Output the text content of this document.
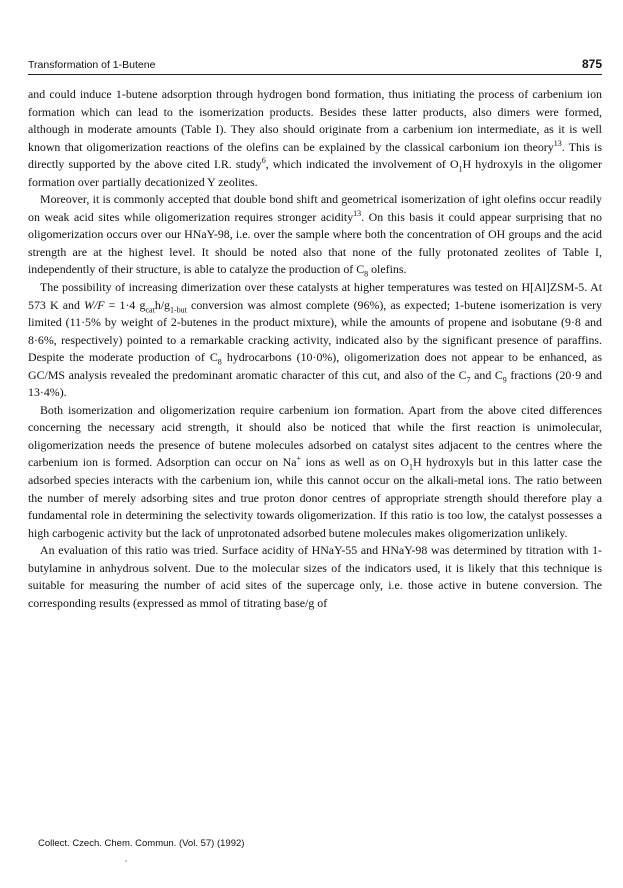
Transformation of 1-Butene	875

and could induce 1-butene adsorption through hydrogen bond formation, thus initiating the process of carbenium ion formation which can lead to the isomerization products. Besides these latter products, also dimers were formed, although in moderate amounts (Table I). They also should originate from a carbenium ion intermediate, as it is well known that oligomerization reactions of the olefins can be explained by the classical carbonium ion theory$^{13}$. This is directly supported by the above cited I.R. study$^6$, which indicated the involvement of $O_1H$ hydroxyls in the oligomer formation over partially decationized Y zeolites.

Moreover, it is commonly accepted that double bond shift and geometrical isomerization of ight olefins occur readily on weak acid sites while oligomerization requires stronger acidity$^{13}$. On this basis it could appear surprising that no oligomerization occurs over our HNaY-98, i.e. over the sample where both the concentration of OH groups and the acid strength are at the highest level. It should be noted also that none of the fully protonated zeolites of Table I, independently of their structure, is able to catalyze the production of $C_8$ olefins.

The possibility of increasing dimerization over these catalysts at higher temperatures was tested on H[Al]ZSM-5. At 573 K and W/F = 1·4 $g_{cat}h/g_{1-but}$ conversion was almost complete (96%), as expected; 1-butene isomerization is very limited (11·5% by weight of 2-butenes in the product mixture), while the amounts of propene and isobutane (9·8 and 8·6%, respectively) pointed to a remarkable cracking activity, indicated also by the significant presence of paraffins. Despite the moderate production of $C_8$ hydrocarbons (10·0%), oligomerization does not appear to be enhanced, as GC/MS analysis revealed the predominant aromatic character of this cut, and also of the $C_7$ and $C_9$ fractions (20·9 and 13·4%).

Both isomerization and oligomerization require carbenium ion formation. Apart from the above cited differences concerning the necessary acid strength, it should also be noticed that while the first reaction is unimolecular, oligomerization needs the presence of butene molecules adsorbed on catalyst sites adjacent to the centres where the carbenium ion is formed. Adsorption can occur on Na+ ions as well as on $O_1H$ hydroxyls but in this latter case the adsorbed species interacts with the carbenium ion, while this cannot occur on the alkali-metal ions. The ratio between the number of merely adsorbing sites and true proton donor centres of appropriate strength should therefore play a fundamental role in determining the selectivity towards oligomerization. If this ratio is too low, the catalyst possesses a high carbogenic activity but the lack of unprotonated adsorbed butene molecules makes oligomerization unlikely.

An evaluation of this ratio was tried. Surface acidity of HNaY-55 and HNaY-98 was determined by titration with 1-butylamine in anhydrous solvent. Due to the molecular sizes of the indicators used, it is likely that this technique is suitable for measuring the number of acid sites of the supercage only, i.e. those active in butene conversion. The corresponding results (expressed as mmol of titrating base/g of

Collect. Czech. Chem. Commun. (Vol. 57) (1992)
